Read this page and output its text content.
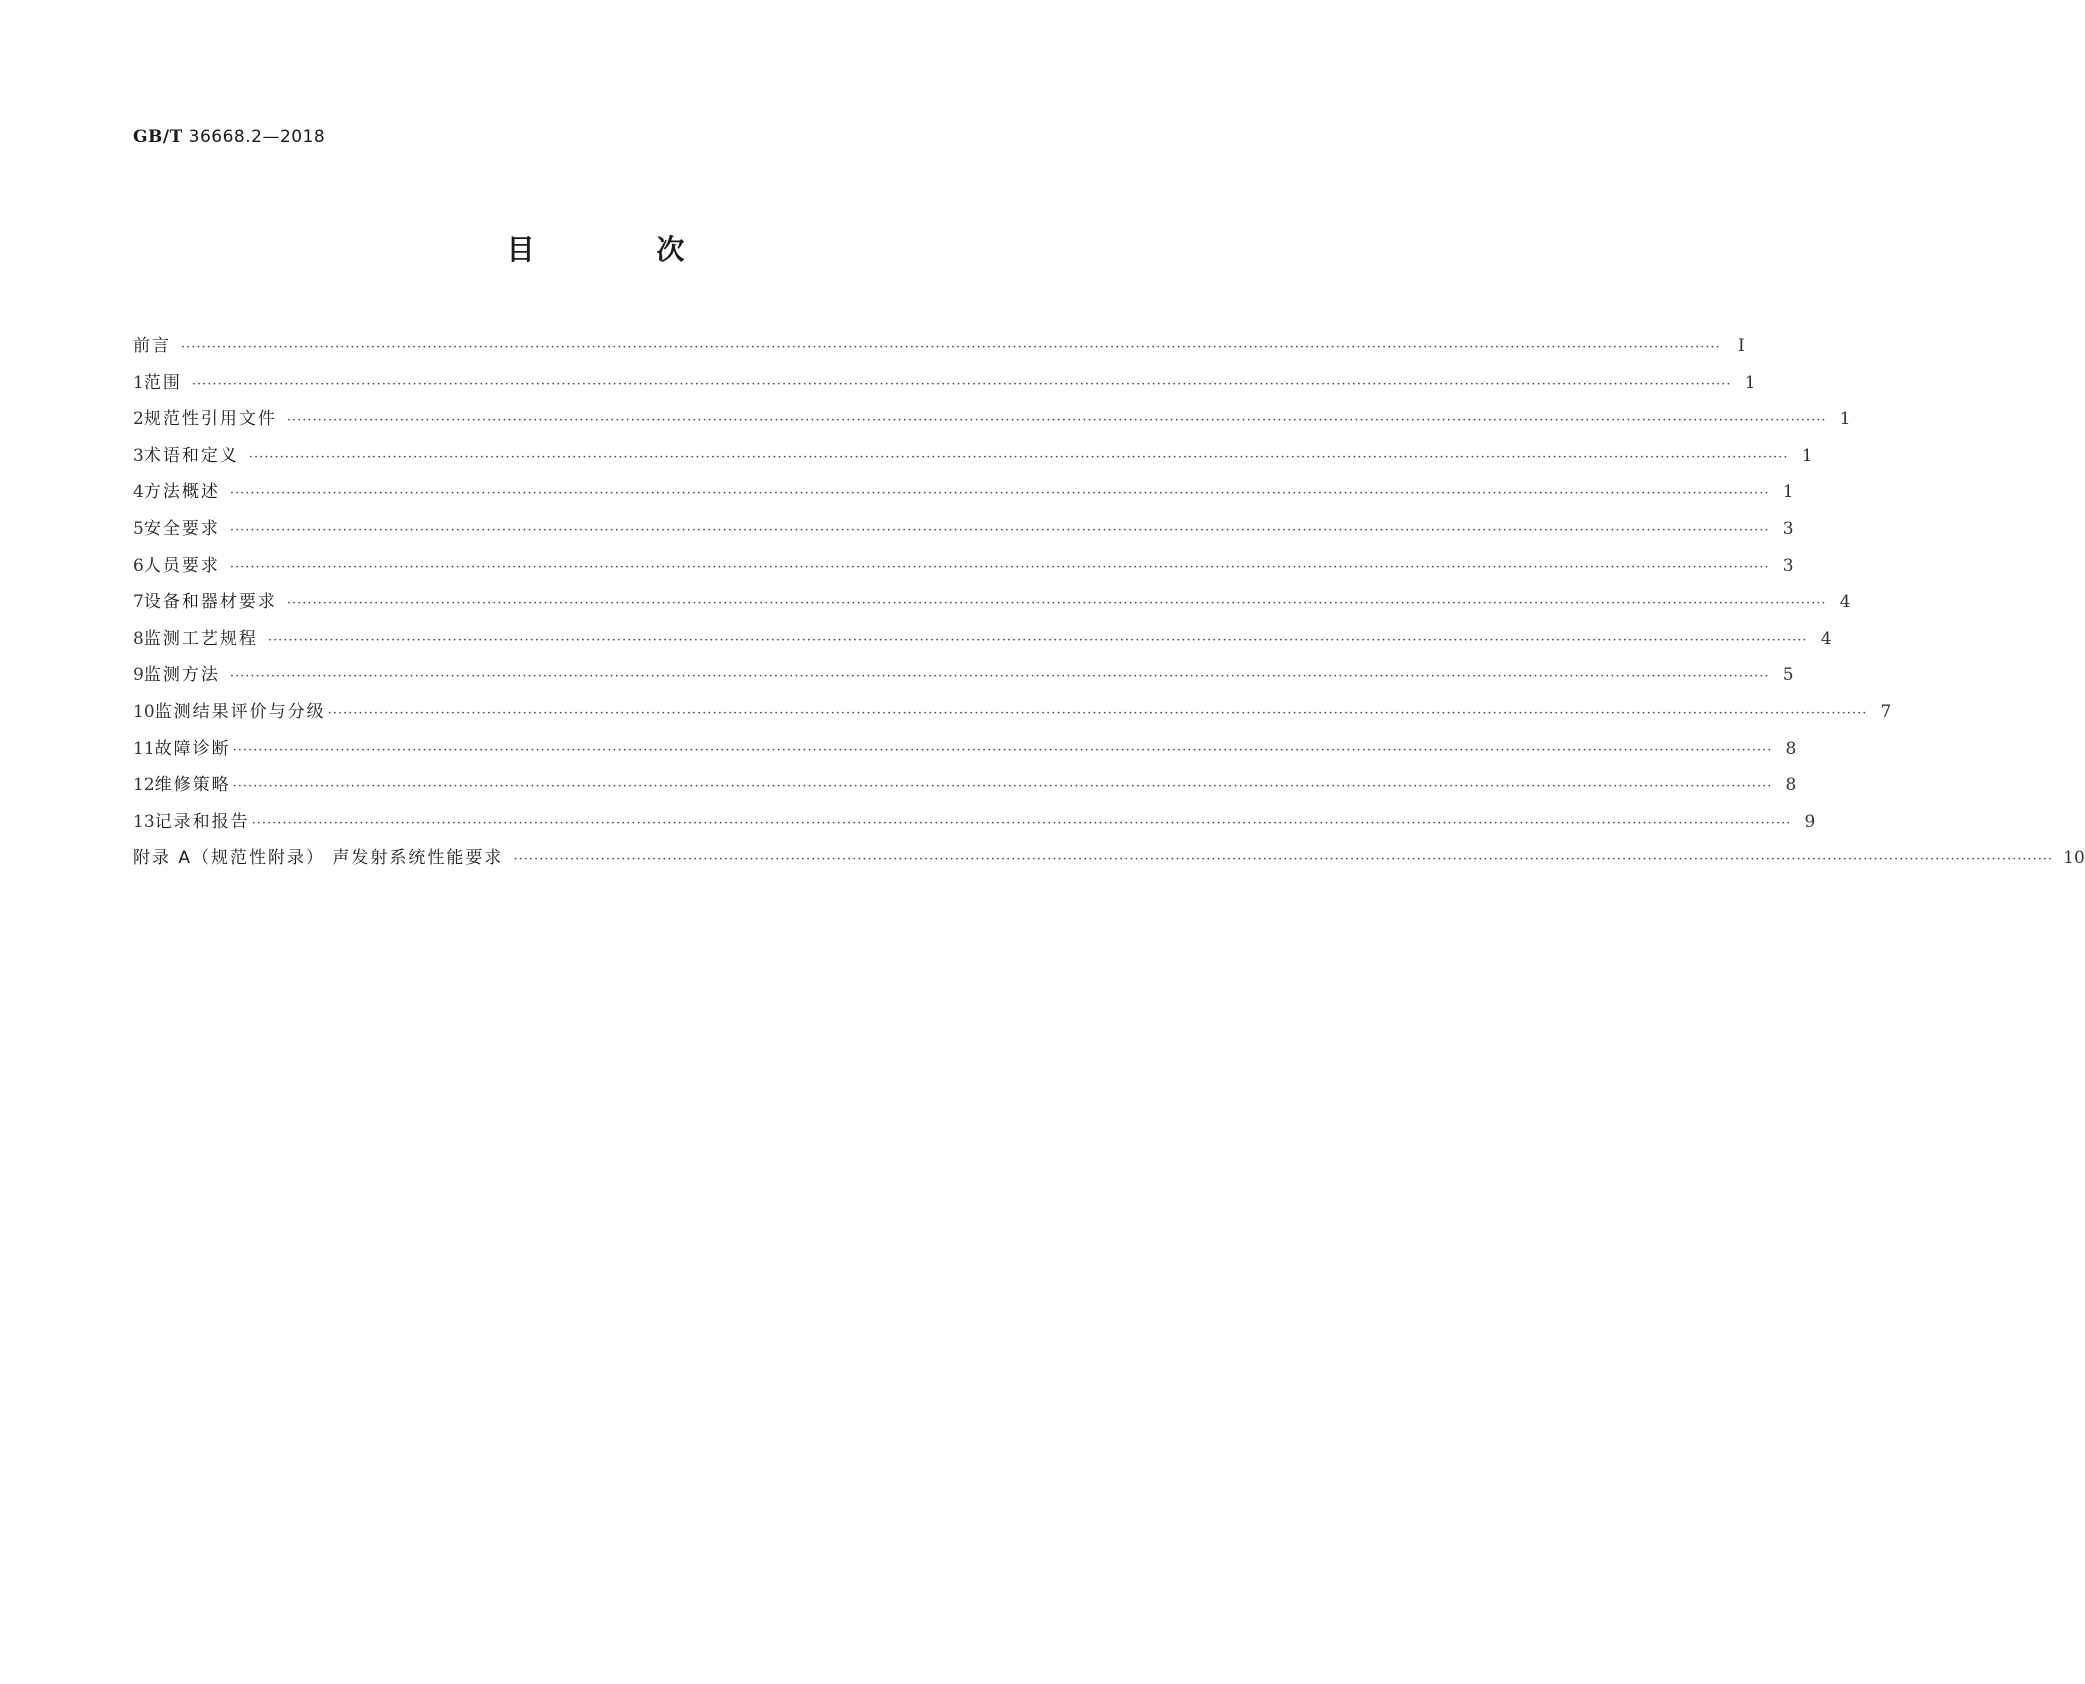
GB/T 36668.2—2018
目 次
前言 ············································································································································································································································································································	Ⅰ
1 范围 ············································································································································································································································································································ 1
2 规范性引用文件 ············································································································································································································································································································ 1
3 术语和定义 ············································································································································································································································································································ 1
4 方法概述 ············································································································································································································································································································ 1
5 安全要求 ············································································································································································································································································································ 3
6 人员要求 ············································································································································································································································································································ 3
7 设备和器材要求 ············································································································································································································································································································ 4
8 监测工艺规程 ············································································································································································································································································································ 4
9 监测方法 ············································································································································································································································································································ 5
10 监测结果评价与分级 ············································································································································································································································································································ 7
11 故障诊断 ············································································································································································································································································································ 8
12 维修策略 ············································································································································································································································································································ 8
13 记录和报告 ············································································································································································································································································································ 9
附录 A（规范性附录） 声发射系统性能要求 ············································································································································································································································································································ 10
